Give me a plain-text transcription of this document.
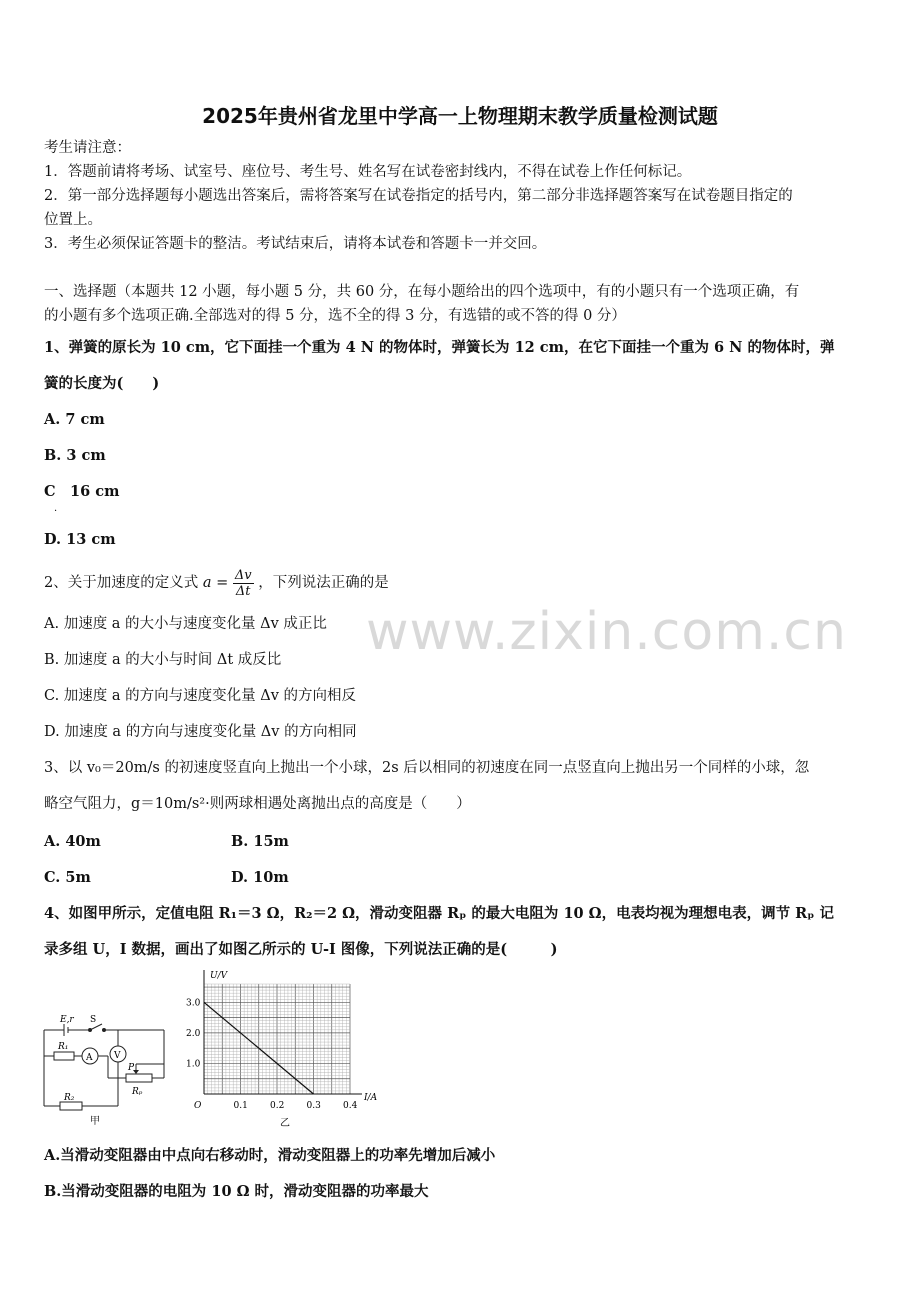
2025年贵州省龙里中学高一上物理期末教学质量检测试题
考生请注意：
1．答题前请将考场、试室号、座位号、考生号、姓名写在试卷密封线内，不得在试卷上作任何标记。
2．第一部分选择题每小题选出答案后，需将答案写在试卷指定的括号内，第二部分非选择题答案写在试卷题目指定的
位置上。
3．考生必须保证答题卡的整洁。考试结束后，请将本试卷和答题卡一并交回。
一、选择题（本题共 12 小题，每小题 5 分，共 60 分，在每小题给出的四个选项中，有的小题只有一个选项正确，有
的小题有多个选项正确.全部选对的得 5 分，选不全的得 3 分，有选错的或不答的得 0 分）
1、弹簧的原长为 10 cm，它下面挂一个重为 4 N 的物体时，弹簧长为 12 cm，在它下面挂一个重为 6 N 的物体时，弹
簧的长度为(　　)
A. 7 cm
B. 3 cm
C　16 cm
·
D. 13 cm
2、关于加速度的定义式 $a = \frac{\Delta v}{\Delta t}$ ，下列说法正确的是
A. 加速度 a 的大小与速度变化量 Δv 成正比
B. 加速度 a 的大小与时间 Δt 成反比
C. 加速度 a 的方向与速度变化量 Δv 的方向相反
D. 加速度 a 的方向与速度变化量 Δv 的方向相同
3、以 v₀＝20m/s 的初速度竖直向上抛出一个小球，2s 后以相同的初速度在同一点竖直向上抛出另一个同样的小球，忽
略空气阻力，g＝10m/s²·则两球相遇处离抛出点的高度是（　　）
A. 40m	B. 15m
C. 5m	D. 10m
4、如图甲所示，定值电阻 R₁＝3 Ω，R₂＝2 Ω，滑动变阻器 Rₚ 的最大电阻为 10 Ω，电表均视为理想电表，调节 Rₚ 记
录多组 U，I 数据，画出了如图乙所示的 U-I 图像，下列说法正确的是(　　　)
E,r S
R₁
A V
P
Rₚ
R₂
甲
U/V
I/A
O
3.0
2.0
1.0
0.1 0.2 0.3 0.4
乙
A.当滑动变阻器由中点向右移动时，滑动变阻器上的功率先增加后减小
B.当滑动变阻器的电阻为 10 Ω 时，滑动变阻器的功率最大
www.zixin.com.cn
